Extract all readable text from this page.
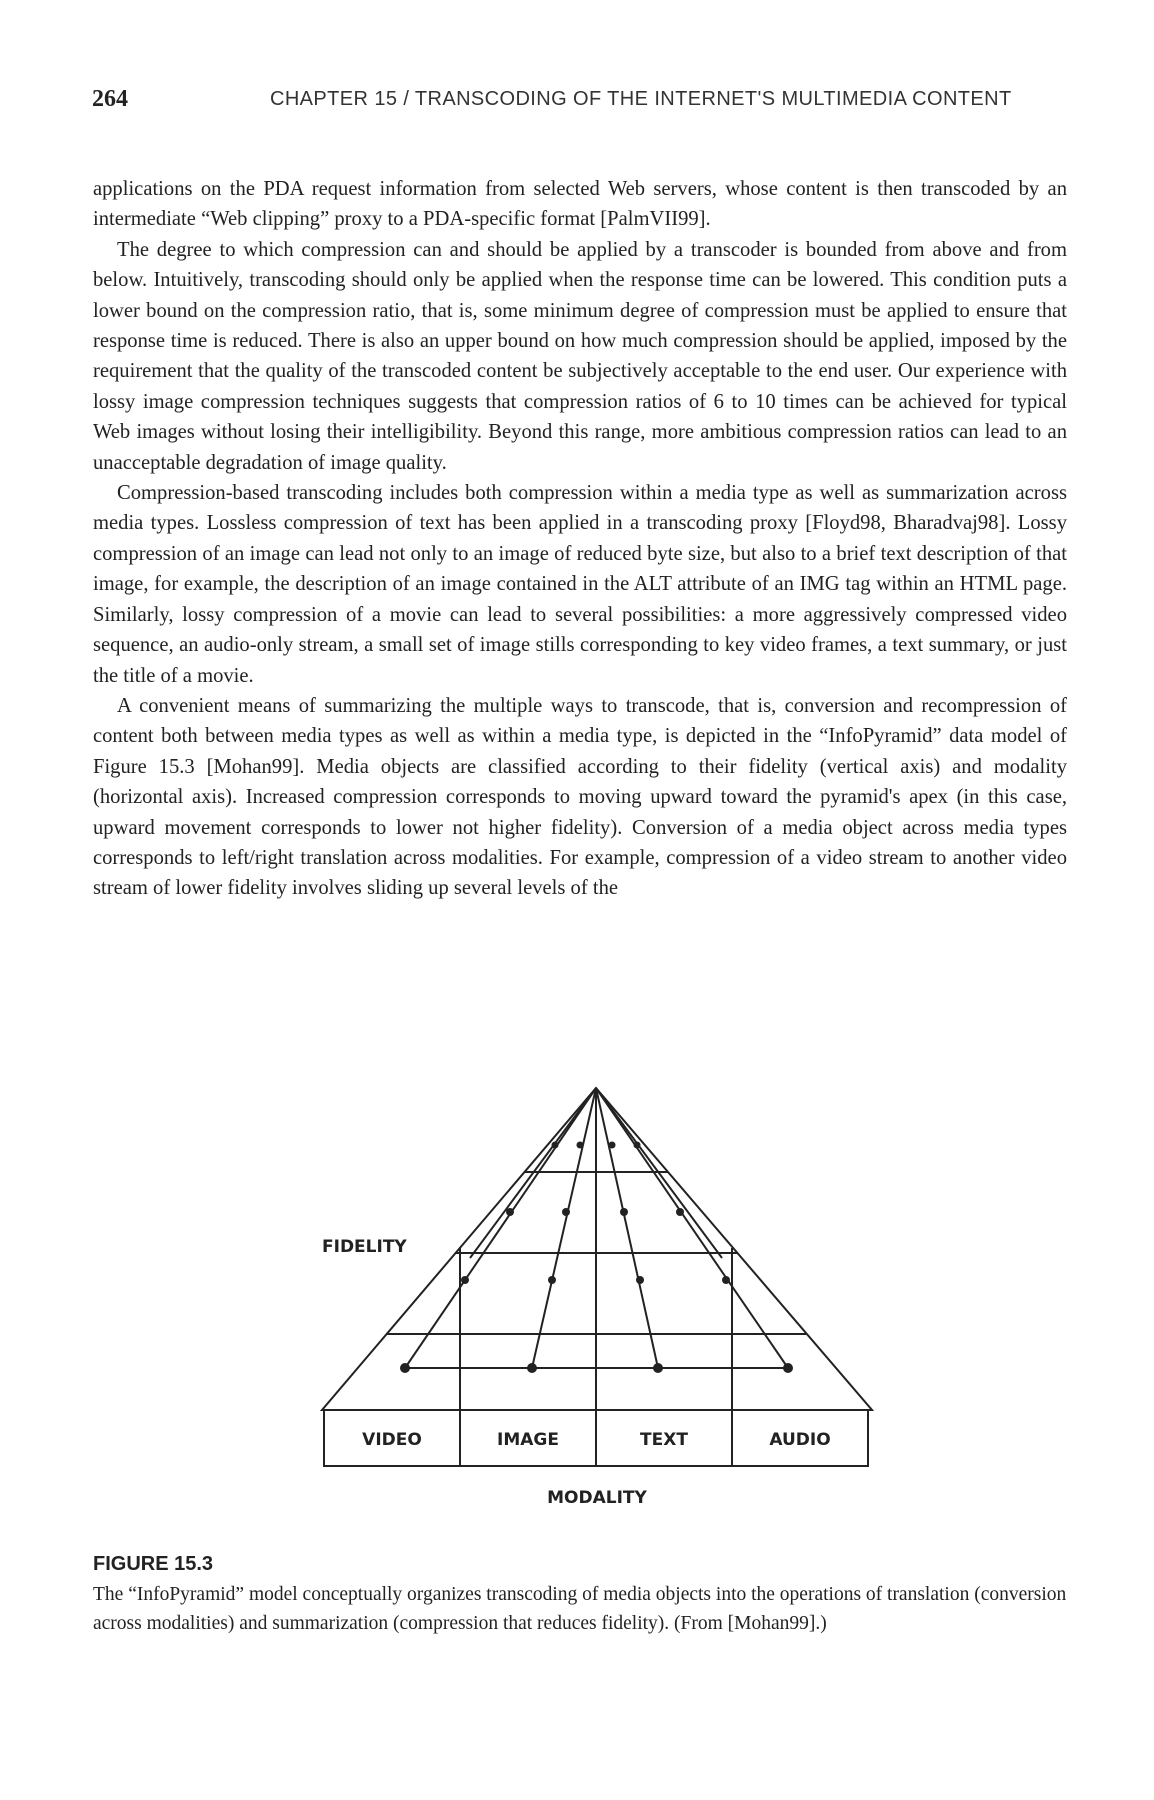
264	CHAPTER 15 / TRANSCODING OF THE INTERNET'S MULTIMEDIA CONTENT

applications on the PDA request information from selected Web servers, whose content is then transcoded by an intermediate “Web clipping” proxy to a PDA-specific format [PalmVII99].

The degree to which compression can and should be applied by a transcoder is bounded from above and from below. Intuitively, transcoding should only be applied when the response time can be lowered. This condition puts a lower bound on the compression ratio, that is, some minimum degree of compression must be applied to ensure that response time is reduced. There is also an upper bound on how much compression should be applied, imposed by the requirement that the quality of the transcoded content be subjectively acceptable to the end user. Our experience with lossy image compression techniques suggests that compression ratios of 6 to 10 times can be achieved for typical Web images without losing their intelligibility. Beyond this range, more ambitious compression ratios can lead to an unacceptable degradation of image quality.

Compression-based transcoding includes both compression within a media type as well as summarization across media types. Lossless compression of text has been applied in a transcoding proxy [Floyd98, Bharadvaj98]. Lossy compression of an image can lead not only to an image of reduced byte size, but also to a brief text description of that image, for example, the description of an image contained in the ALT attribute of an IMG tag within an HTML page. Similarly, lossy compression of a movie can lead to several possibilities: a more aggressively compressed video sequence, an audio-only stream, a small set of image stills corresponding to key video frames, a text summary, or just the title of a movie.

A convenient means of summarizing the multiple ways to transcode, that is, conversion and recompression of content both between media types as well as within a media type, is depicted in the “InfoPyramid” data model of Figure 15.3 [Mohan99]. Media objects are classified according to their fidelity (vertical axis) and modality (horizontal axis). Increased compression corresponds to moving upward toward the pyramid's apex (in this case, upward movement corresponds to lower not higher fidelity). Conversion of a media object across media types corresponds to left/right translation across modalities. For example, compression of a video stream to another video stream of lower fidelity involves sliding up several levels of the

FIDELITY
VIDEO	IMAGE	TEXT	AUDIO
MODALITY
FIGURE 15.3
The “InfoPyramid” model conceptually organizes transcoding of media objects into the operations of translation (conversion across modalities) and summarization (compression that reduces fidelity). (From [Mohan99].)
